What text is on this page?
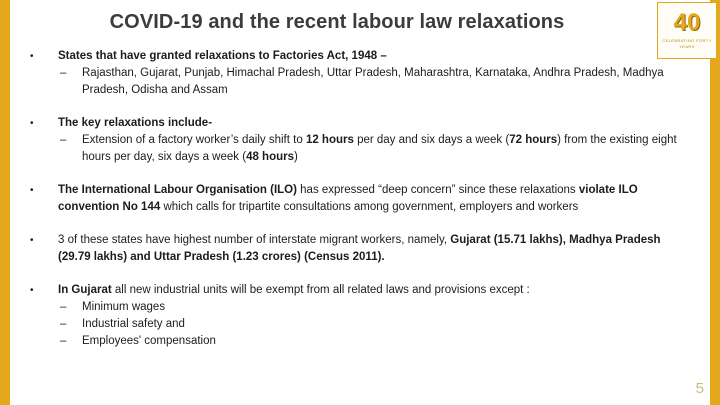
40
CELEBRATING FORTY YEARS
COVID-19 and the recent labour law relaxations
•	States that have granted relaxations to Factories Act, 1948 –
–	Rajasthan, Gujarat, Punjab, Himachal Pradesh, Uttar Pradesh, Maharashtra, Karnataka, Andhra Pradesh, Madhya Pradesh, Odisha and Assam
•	The key relaxations include-
–	Extension of a factory worker’s daily shift to 12 hours per day and six days a week (72 hours) from the existing eight hours per day, six days a week (48 hours)
•	The International Labour Organisation (ILO) has expressed “deep concern” since these relaxations violate ILO convention No 144 which calls for tripartite consultations among government, employers and workers
•	3 of these states have highest number of interstate migrant workers, namely, Gujarat (15.71 lakhs), Madhya Pradesh (29.79 lakhs) and Uttar Pradesh (1.23 crores) (Census 2011).
•	In Gujarat all new industrial units will be exempt from all related laws and provisions except :
–	Minimum wages
–	Industrial safety and
–	Employees' compensation
5
